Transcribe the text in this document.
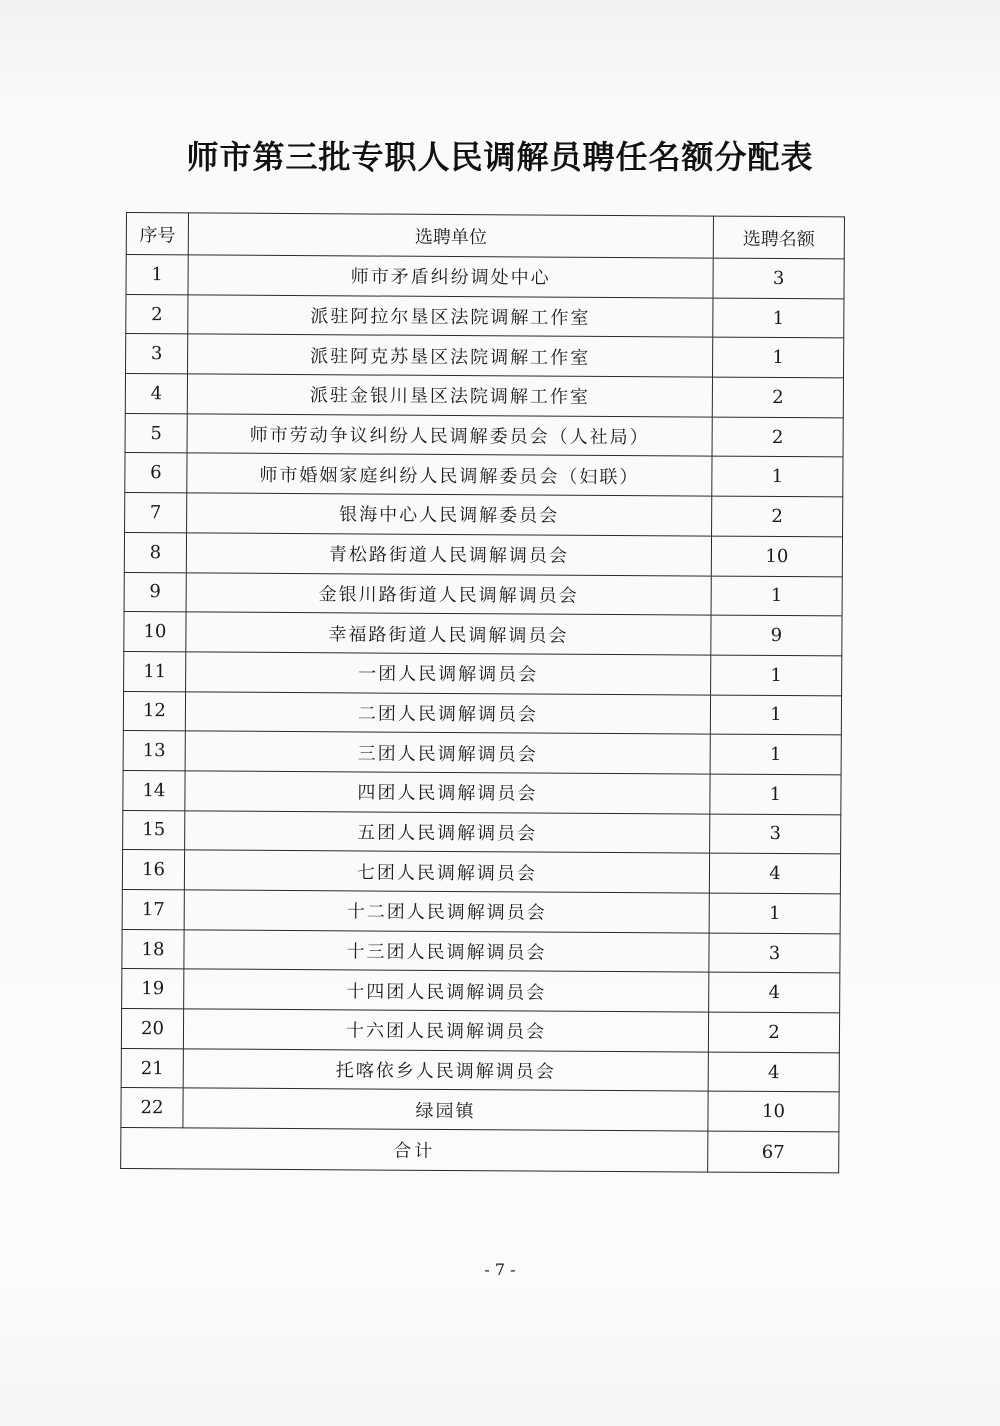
师市第三批专职人民调解员聘任名额分配表
序号	选聘单位	选聘名额
1	师市矛盾纠纷调处中心	3
2	派驻阿拉尔垦区法院调解工作室	1
3	派驻阿克苏垦区法院调解工作室	1
4	派驻金银川垦区法院调解工作室	2
5	师市劳动争议纠纷人民调解委员会（人社局）	2
6	师市婚姻家庭纠纷人民调解委员会（妇联）	1
7	银海中心人民调解委员会	2
8	青松路街道人民调解调员会	10
9	金银川路街道人民调解调员会	1
10	幸福路街道人民调解调员会	9
11	一团人民调解调员会	1
12	二团人民调解调员会	1
13	三团人民调解调员会	1
14	四团人民调解调员会	1
15	五团人民调解调员会	3
16	七团人民调解调员会	4
17	十二团人民调解调员会	1
18	十三团人民调解调员会	3
19	十四团人民调解调员会	4
20	十六团人民调解调员会	2
21	托喀依乡人民调解调员会	4
22	绿园镇	10
合计		67
- 7 -
